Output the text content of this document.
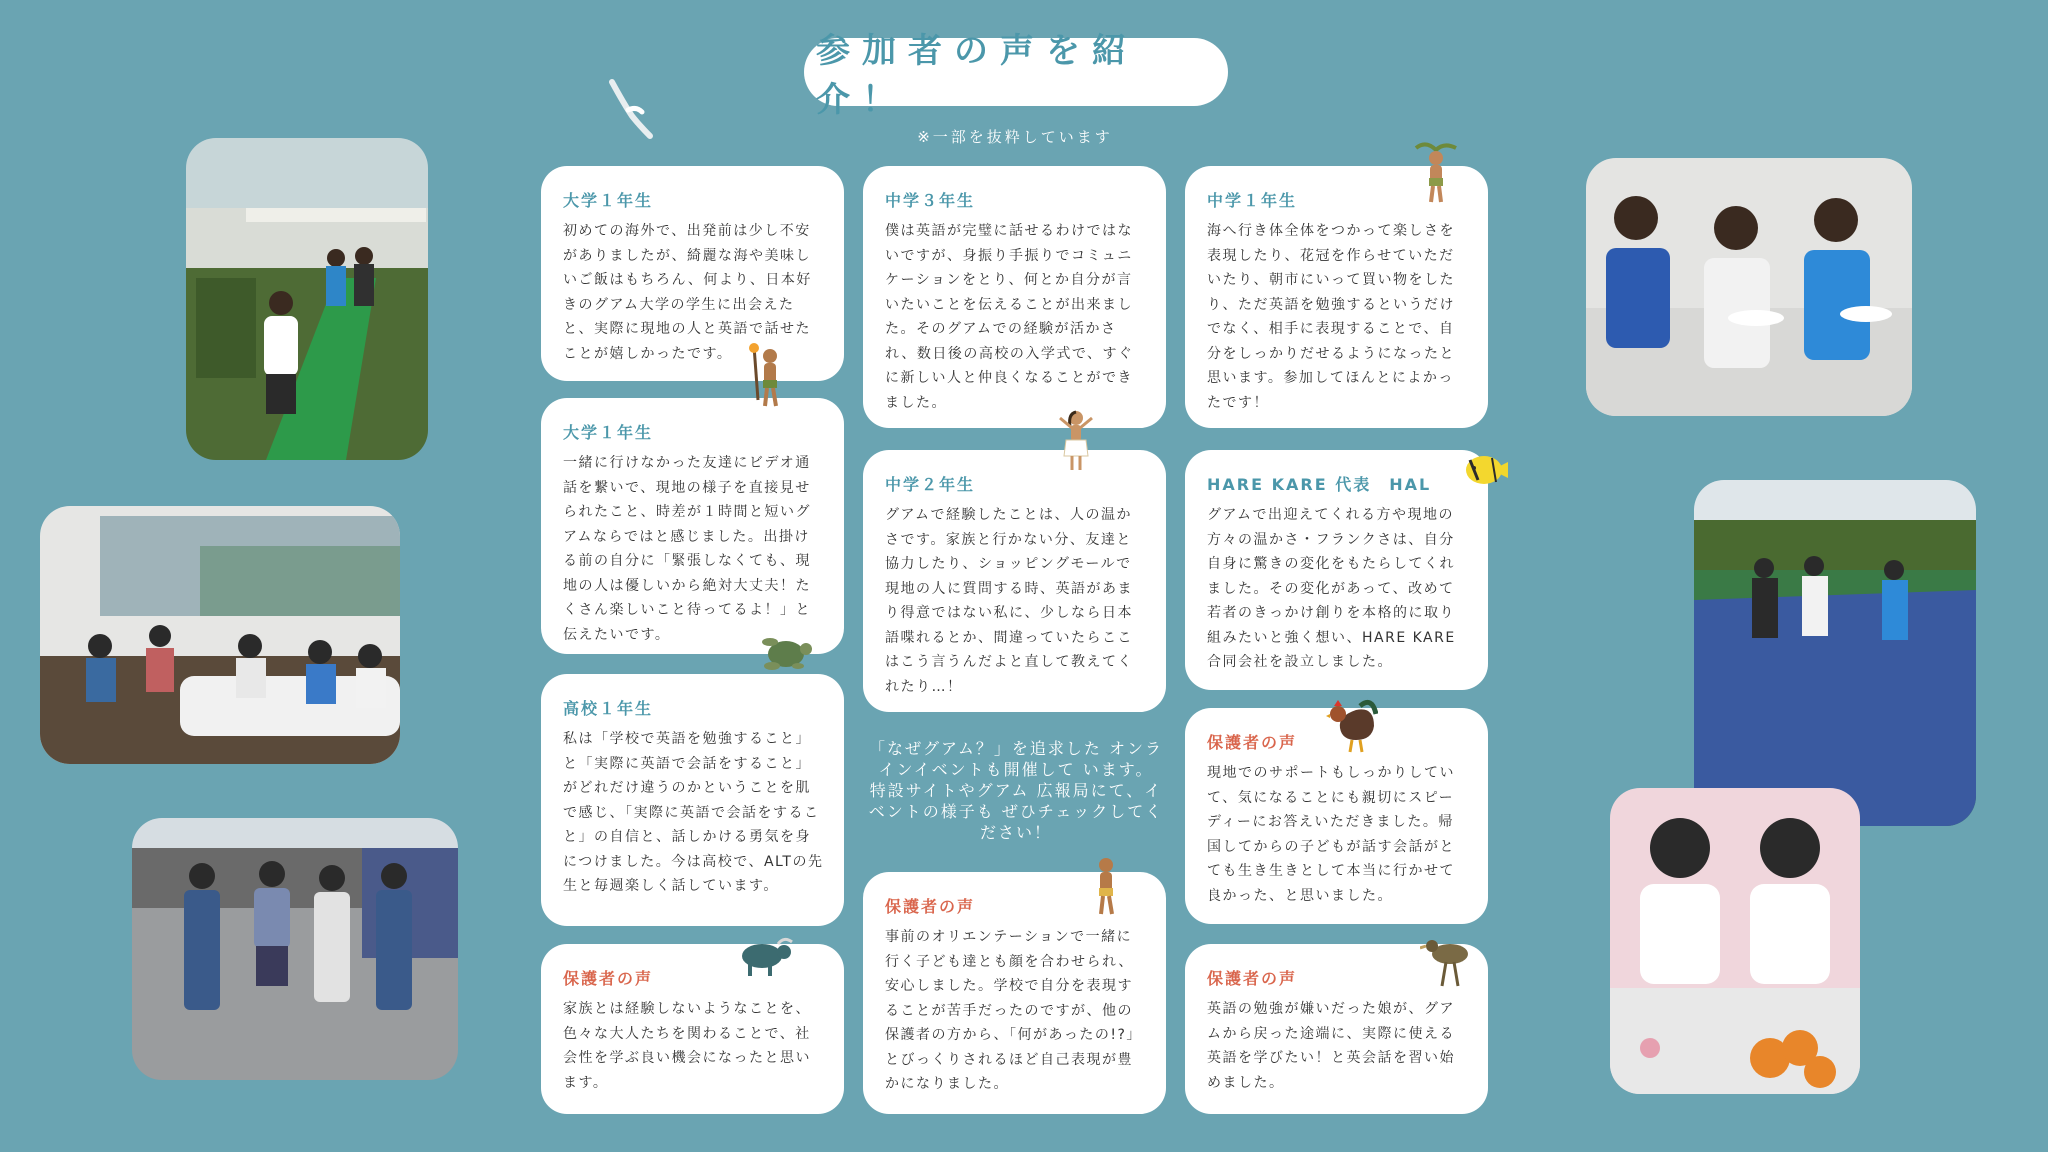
参加者の声を紹介！
※一部を抜粋しています
大学１年生
初めての海外で、出発前は少し不安がありましたが、綺麗な海や美味しいご飯はもちろん、何より、日本好きのグアム大学の学生に出会えたと、実際に現地の人と英語で話せたことが嬉しかったです。
大学１年生
一緒に行けなかった友達にビデオ通話を繋いで、現地の様子を直接見せられたこと、時差が１時間と短いグアムならではと感じました。出掛ける前の自分に「緊張しなくても、現地の人は優しいから絶対大丈夫！たくさん楽しいこと待ってるよ！」と伝えたいです。
高校１年生
私は「学校で英語を勉強すること」と「実際に英語で会話をすること」がどれだけ違うのかということを肌で感じ、「実際に英語で会話をすること」の自信と、話しかける勇気を身につけました。今は高校で、ALTの先生と毎週楽しく話しています。
保護者の声
家族とは経験しないようなことを、色々な大人たちを関わることで、社会性を学ぶ良い機会になったと思います。
中学３年生
僕は英語が完璧に話せるわけではないですが、身振り手振りでコミュニケーションをとり、何とか自分が言いたいことを伝えることが出来ました。そのグアムでの経験が活かされ、数日後の高校の入学式で、すぐに新しい人と仲良くなることができました。
中学２年生
グアムで経験したことは、人の温かさです。家族と行かない分、友達と協力したり、ショッピングモールで現地の人に質問する時、英語があまり得意ではない私に、少しなら日本語喋れるとか、間違っていたらここはこう言うんだよと直して教えてくれたり…！
「なぜグアム？」を追求した オンラインイベントも開催して います。 特設サイトやグアム 広報局にて、イベントの様子も ぜひチェックしてください！
保護者の声
事前のオリエンテーションで一緒に行く子ども達とも顔を合わせられ、安心しました。学校で自分を表現することが苦手だったのですが、他の保護者の方から、「何があったの!?」とびっくりされるほど自己表現が豊かになりました。
中学１年生
海へ行き体全体をつかって楽しさを表現したり、花冠を作らせていただいたり、朝市にいって買い物をしたり、ただ英語を勉強するというだけでなく、相手に表現することで、自分をしっかりだせるようになったと思います。参加してほんとによかったです！
HARE KARE 代表　HAL
グアムで出迎えてくれる方や現地の方々の温かさ・フランクさは、自分自身に驚きの変化をもたらしてくれました。その変化があって、改めて若者のきっかけ創りを本格的に取り組みたいと強く想い、HARE KARE合同会社を設立しました。
保護者の声
現地でのサポートもしっかりしていて、気になることにも親切にスピーディーにお答えいただきました。帰国してからの子どもが話す会話がとても生き生きとして本当に行かせて良かった、と思いました。
保護者の声
英語の勉強が嫌いだった娘が、グアムから戻った途端に、実際に使える英語を学びたい！と英会話を習い始めました。
